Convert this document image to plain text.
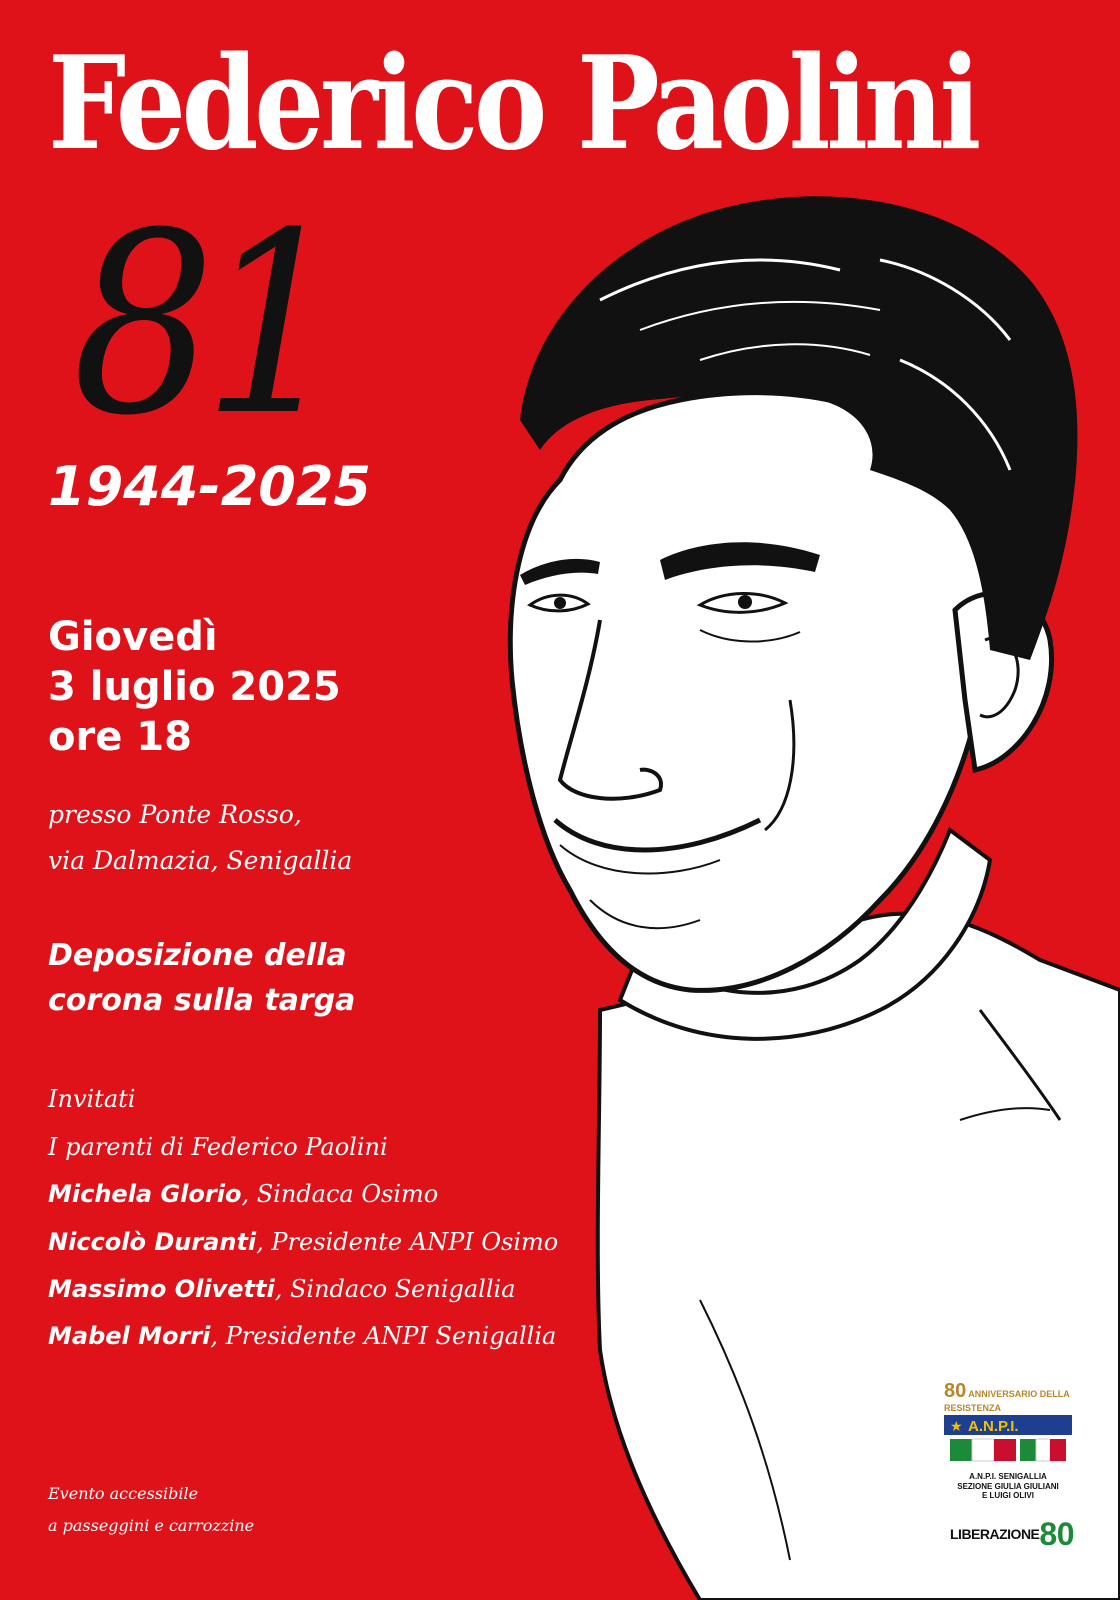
Federico Paolini
81
1944-2025
Giovedì
3 luglio 2025
ore 18
presso Ponte Rosso,
via Dalmazia, Senigallia
Deposizione della
corona sulla targa
Invitati
I parenti di Federico Paolini
Michela Glorio, Sindaca Osimo
Niccolò Duranti, Presidente ANPI Osimo
Massimo Olivetti, Sindaco Senigallia
Mabel Morri, Presidente ANPI Senigallia
Evento accessibile
a passeggini e carrozzine
80 ANNIVERSARIO DELLA RESISTENZA
★ A.N.P.I.
A.N.P.I. SENIGALLIA
SEZIONE GIULIA GIULIANI
E LUIGI OLIVI
LIBERAZIONE80
